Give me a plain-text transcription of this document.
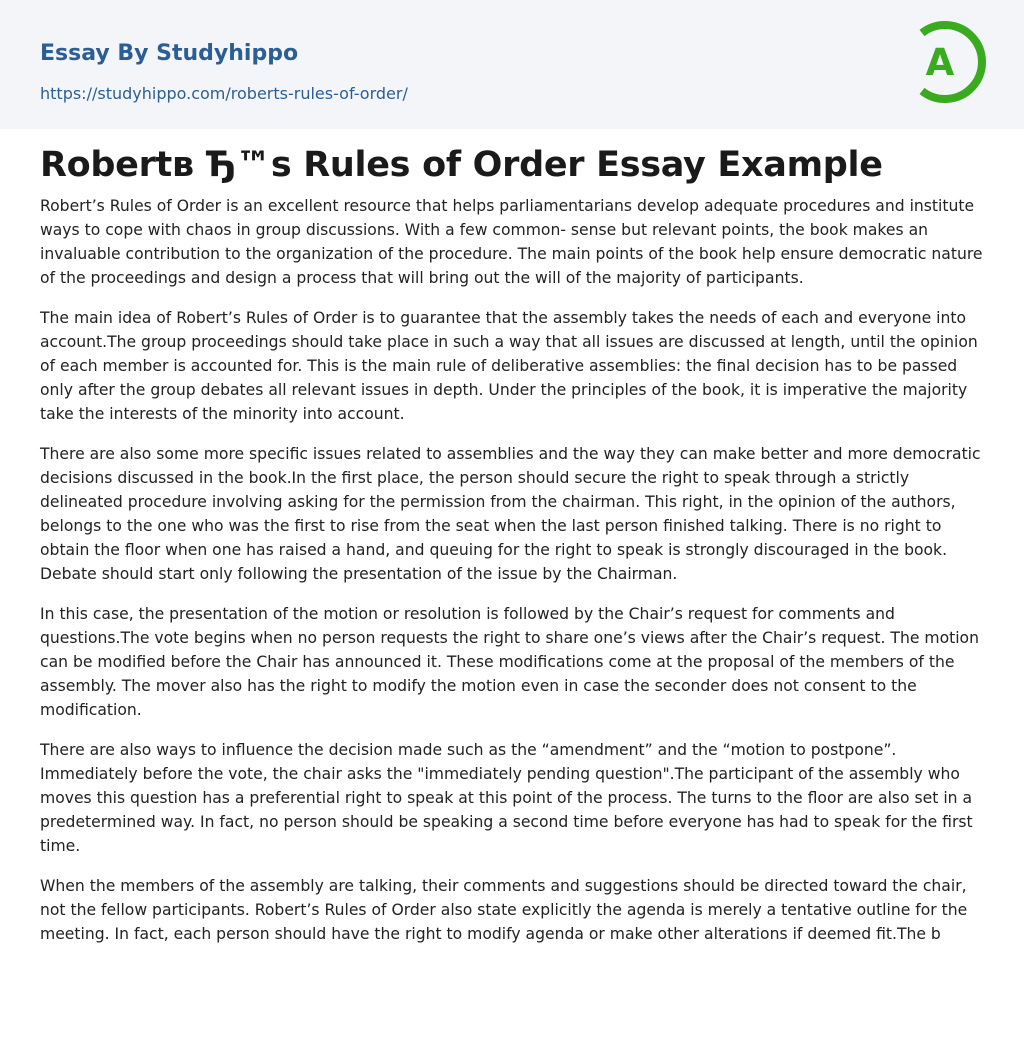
Essay By Studyhippo
https://studyhippo.com/roberts-rules-of-order/
A
Robertв Ђ™s Rules of Order Essay Example

Robert’s Rules of Order is an excellent resource that helps parliamentarians develop adequate procedures and institute ways to cope with chaos in group discussions. With a few common- sense but relevant points, the book makes an invaluable contribution to the organization of the procedure. The main points of the book help ensure democratic nature of the proceedings and design a process that will bring out the will of the majority of participants.

The main idea of Robert’s Rules of Order is to guarantee that the assembly takes the needs of each and everyone into account.The group proceedings should take place in such a way that all issues are discussed at length, until the opinion of each member is accounted for. This is the main rule of deliberative assemblies: the final decision has to be passed only after the group debates all relevant issues in depth. Under the principles of the book, it is imperative the majority take the interests of the minority into account.

There are also some more specific issues related to assemblies and the way they can make better and more democratic decisions discussed in the book.In the first place, the person should secure the right to speak through a strictly delineated procedure involving asking for the permission from the chairman. This right, in the opinion of the authors, belongs to the one who was the first to rise from the seat when the last person finished talking. There is no right to obtain the floor when one has raised a hand, and queuing for the right to speak is strongly discouraged in the book. Debate should start only following the presentation of the issue by the Chairman.

In this case, the presentation of the motion or resolution is followed by the Chair’s request for comments and questions.The vote begins when no person requests the right to share one’s views after the Chair’s request. The motion can be modified before the Chair has announced it. These modifications come at the proposal of the members of the assembly. The mover also has the right to modify the motion even in case the seconder does not consent to the modification.

There are also ways to influence the decision made such as the “amendment” and the “motion to postpone”. Immediately before the vote, the chair asks the "immediately pending question".The participant of the assembly who moves this question has a preferential right to speak at this point of the process. The turns to the floor are also set in a predetermined way. In fact, no person should be speaking a second time before everyone has had to speak for the first time.

When the members of the assembly are talking, their comments and suggestions should be directed toward the chair, not the fellow participants. Robert’s Rules of Order also state explicitly the agenda is merely a tentative outline for the meeting. In fact, each person should have the right to modify agenda or make other alterations if deemed fit.The b
